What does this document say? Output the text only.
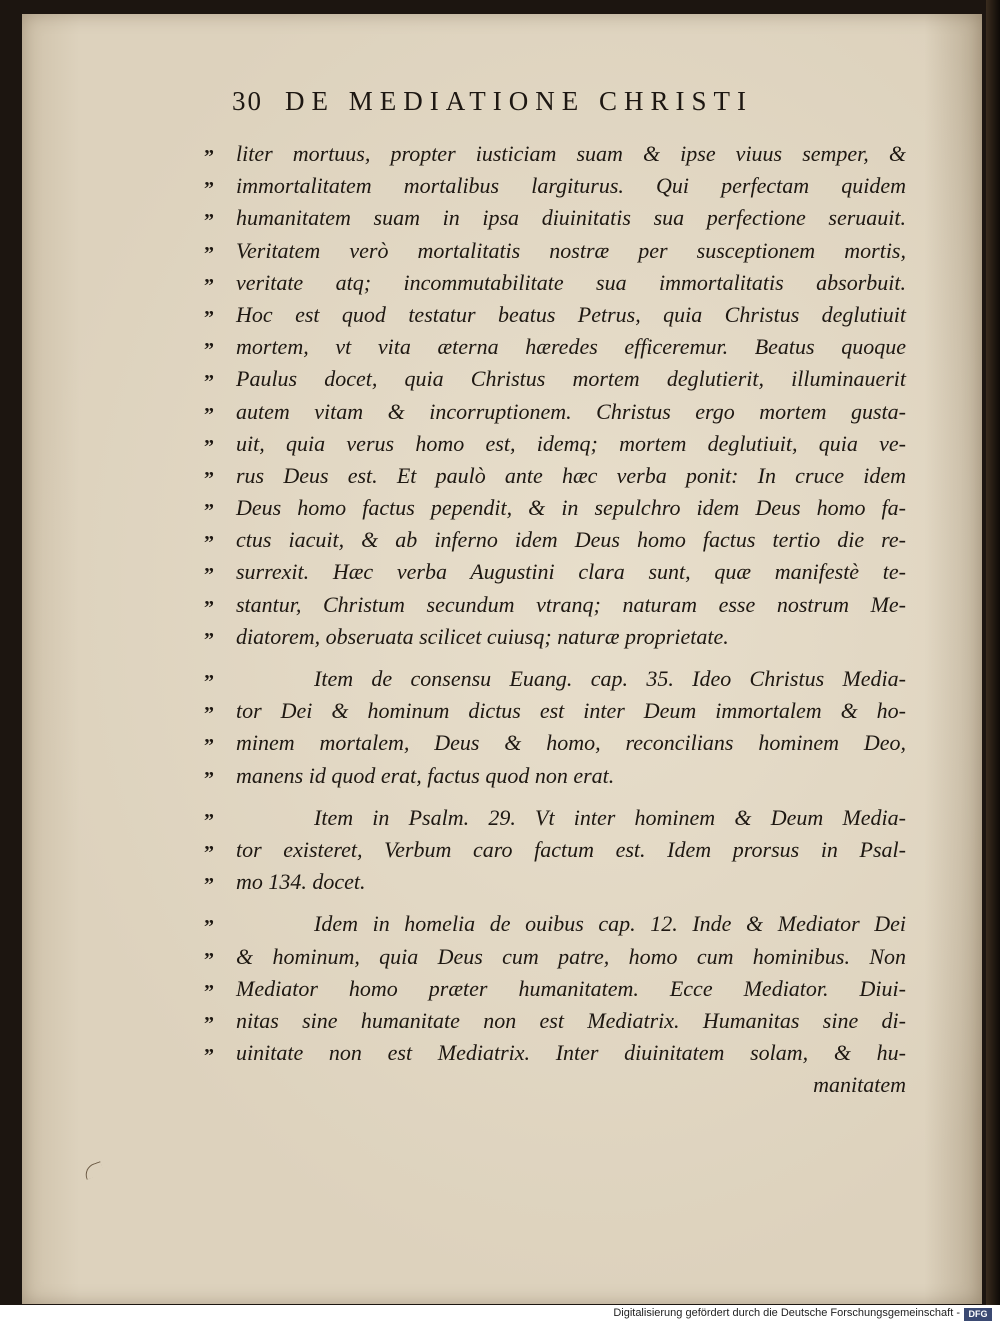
30 DE MEDIATIONE CHRISTI
”
”
”
”
”
”
”
”
”
”
”
”
”
”
”
”
”
”
”
”
”
”
”
”
”
”
”
”
liter mortuus, propter iusticiam suam & ipse viuus semper, &
immortalitatem mortalibus largiturus. Qui perfectam quidem
humanitatem suam in ipsa diuinitatis sua perfectione seruauit.
Veritatem verò mortalitatis nostræ per susceptionem mortis,
veritate atq; incommutabilitate sua immortalitatis absorbuit.
Hoc est quod testatur beatus Petrus, quia Christus deglutiuit
mortem, vt vita æterna hæredes efficeremur. Beatus quoque
Paulus docet, quia Christus mortem deglutierit, illuminauerit
autem vitam & incorruptionem. Christus ergo mortem gusta-
uit, quia verus homo est, idemq; mortem deglutiuit, quia ve-
rus Deus est. Et paulò ante hæc verba ponit: In cruce idem
Deus homo factus pependit, & in sepulchro idem Deus homo fa-
ctus iacuit, & ab inferno idem Deus homo factus tertio die re-
surrexit. Hæc verba Augustini clara sunt, quæ manifestè te-
stantur, Christum secundum vtranq; naturam esse nostrum Me-
diatorem, obseruata scilicet cuiusq; naturæ proprietate.
Item de consensu Euang. cap. 35. Ideo Christus Media-
tor Dei & hominum dictus est inter Deum immortalem & ho-
minem mortalem, Deus & homo, reconcilians hominem Deo,
manens id quod erat, factus quod non erat.
Item in Psalm. 29. Vt inter hominem & Deum Media-
tor existeret, Verbum caro factum est. Idem prorsus in Psal-
mo 134. docet.
Idem in homelia de ouibus cap. 12. Inde & Mediator Dei
& hominum, quia Deus cum patre, homo cum hominibus. Non
Mediator homo præter humanitatem. Ecce Mediator. Diui-
nitas sine humanitate non est Mediatrix. Humanitas sine di-
uinitate non est Mediatrix. Inter diuinitatem solam, & hu-
manitatem
Digitalisierung gefördert durch die Deutsche Forschungsgemeinschaft - DFG
